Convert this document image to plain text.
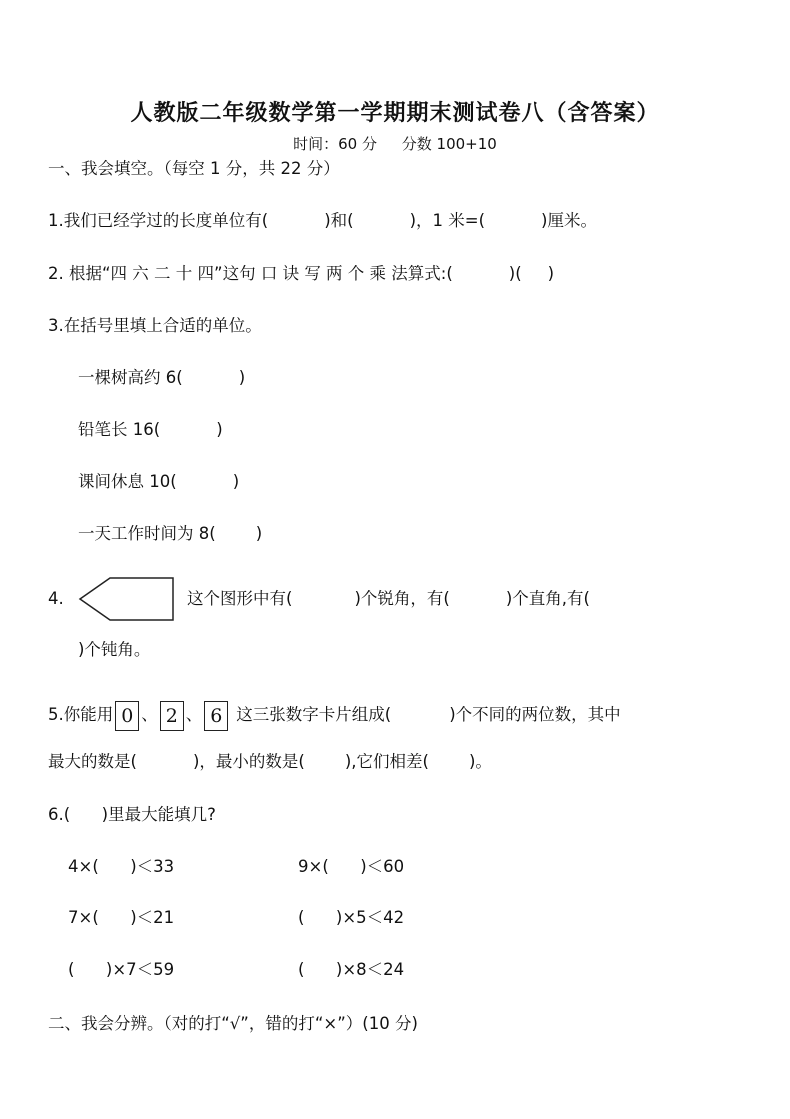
人教版二年级数学第一学期期末测试卷八（含答案）
时间：60 分 分数 100+10
一、我会填空。（每空 1 分，共 22 分）
1.我们已经学过的长度单位有(	)和(	)，1 米=(	)厘米。
2. 根据“四 六 二 十 四”这句 口 诀 写 两 个 乘 法算式:(	)( )
3.在括号里填上合适的单位。
一棵树高约 6(	)
铅笔长 16(	)
课间休息 10(	)
一天工作时间为 8( )
4.	这个图形中有(	)个锐角，有(	)个直角,有(
)个钝角。
5.你能用 0 、 2 、 6 这三张数字卡片组成(	)个不同的两位数，其中
最大的数是(	)，最小的数是( ),它们相差( )。
6.(      )里最大能填几?
4×(      )＜33	9×(      )＜60
7×(      )＜21	(      )×5＜42
(      )×7＜59	(      )×8＜24
二、我会分辨。（对的打“√”，错的打“×”）(10 分)
